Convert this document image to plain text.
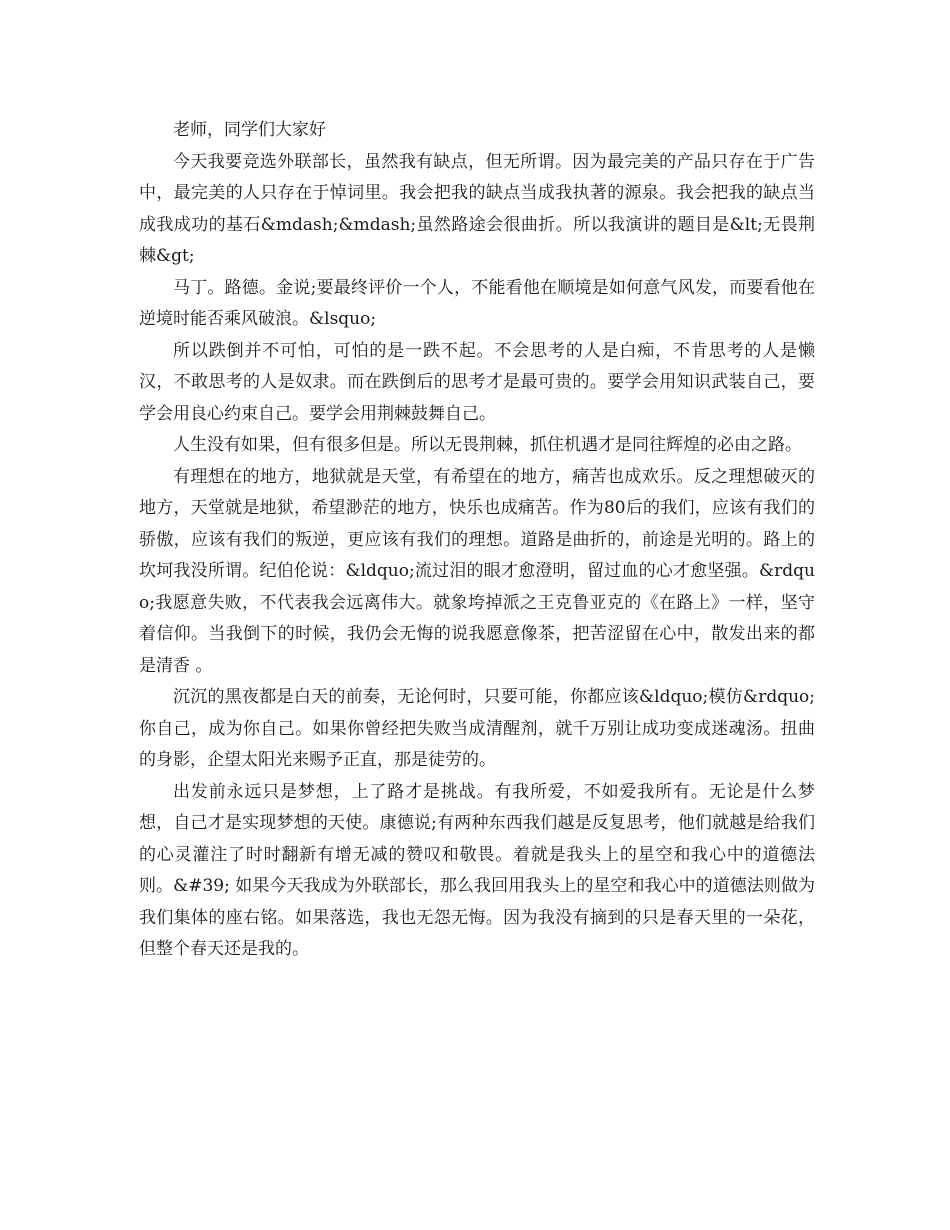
老师，同学们大家好

今天我要竞选外联部长，虽然我有缺点，但无所谓。因为最完美的产品只存在于广告中，最完美的人只存在于悼词里。我会把我的缺点当成我执著的源泉。我会把我的缺点当成我成功的基石&mdash;&mdash;虽然路途会很曲折。所以我演讲的题目是&lt;无畏荆棘&gt;

马丁。路德。金说;要最终评价一个人，不能看他在顺境是如何意气风发，而要看他在逆境时能否乘风破浪。&lsquo;

所以跌倒并不可怕，可怕的是一跌不起。不会思考的人是白痴，不肯思考的人是懒汉，不敢思考的人是奴隶。而在跌倒后的思考才是最可贵的。要学会用知识武装自己，要学会用良心约束自己。要学会用荆棘鼓舞自己。

人生没有如果，但有很多但是。所以无畏荆棘，抓住机遇才是同往辉煌的必由之路。

有理想在的地方，地狱就是天堂，有希望在的地方，痛苦也成欢乐。反之理想破灭的地方，天堂就是地狱，希望渺茫的地方，快乐也成痛苦。作为80后的我们，应该有我们的骄傲，应该有我们的叛逆，更应该有我们的理想。道路是曲折的，前途是光明的。路上的坎坷我没所谓。纪伯伦说：&ldquo;流过泪的眼才愈澄明，留过血的心才愈坚强。&rdquo;我愿意失败，不代表我会远离伟大。就象垮掉派之王克鲁亚克的《在路上》一样，坚守着信仰。当我倒下的时候，我仍会无悔的说我愿意像茶，把苦涩留在心中，散发出来的都是清香 。

沉沉的黑夜都是白天的前奏，无论何时，只要可能，你都应该&ldquo;模仿&rdquo;你自己，成为你自己。如果你曾经把失败当成清醒剂，就千万别让成功变成迷魂汤。扭曲的身影，企望太阳光来赐予正直，那是徒劳的。

出发前永远只是梦想，上了路才是挑战。有我所爱，不如爱我所有。无论是什么梦想，自己才是实现梦想的天使。康德说;有两种东西我们越是反复思考，他们就越是给我们的心灵灌注了时时翻新有增无减的赞叹和敬畏。着就是我头上的星空和我心中的道德法则。&#39; 如果今天我成为外联部长，那么我回用我头上的星空和我心中的道德法则做为我们集体的座右铭。如果落选，我也无怨无悔。因为我没有摘到的只是春天里的一朵花，但整个春天还是我的。
